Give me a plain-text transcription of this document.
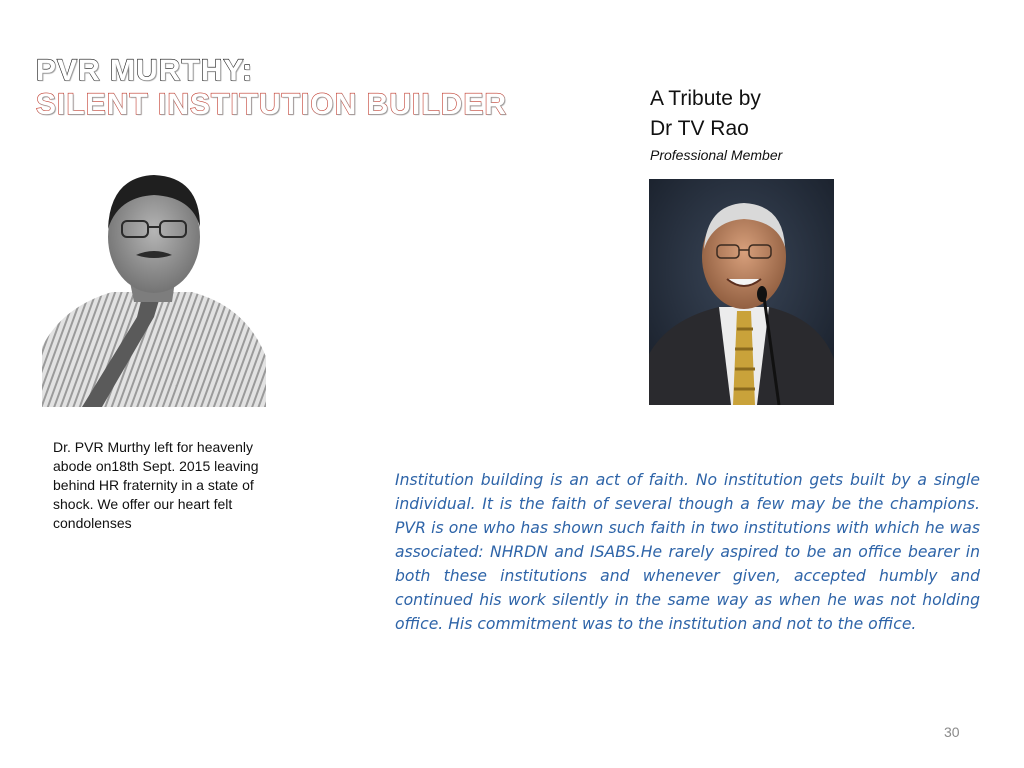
PVR MURTHY:
SILENT INSTITUTION BUILDER	A Tribute by
Dr TV Rao
Professional Member

Dr. PVR Murthy left for heavenly abode on18th Sept. 2015 leaving behind HR fraternity in a state of shock. We offer our heart felt condolenses

Institution building is an act of faith. No institution gets built by a single individual. It is the faith of several though a few may be the champions. PVR is one who has shown such faith in two institutions with which he was associated: NHRDN and ISABS.He rarely aspired to be an office bearer in both these institutions and whenever given, accepted humbly and continued his work silently in the same way as when he was not holding office. His commitment was to the institution and not to the office.

30
